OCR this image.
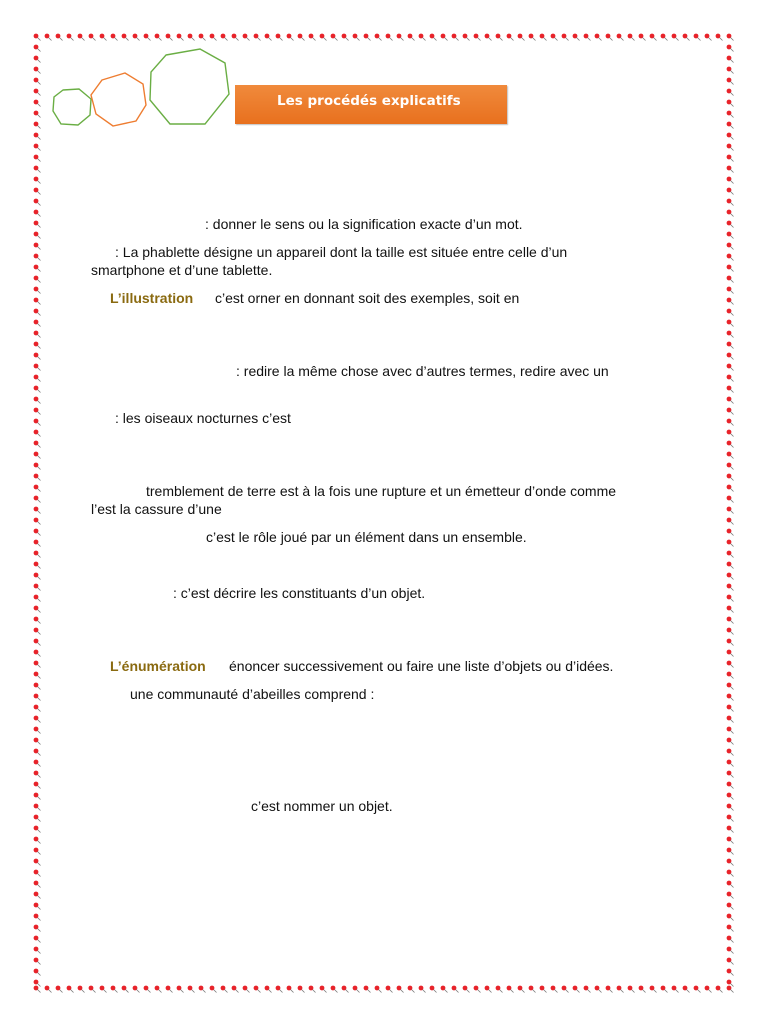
Les procédés explicatifs
: donner le sens ou la signification exacte d’un mot.
: La phablette désigne un appareil dont la taille est située entre celle d’un
smartphone et d’une tablette.
L’illustration c’est orner en donnant soit des exemples, soit en
: redire la même chose avec d’autres termes, redire avec un
: les oiseaux nocturnes c’est
tremblement de terre est à la fois une rupture et un émetteur d’onde comme
l’est la cassure d’une
c’est le rôle joué par un élément dans un ensemble.
: c’est décrire les constituants d’un objet.
L’énumération énoncer successivement ou faire une liste d’objets ou d’idées.
une communauté d’abeilles comprend :
c’est nommer un objet.
